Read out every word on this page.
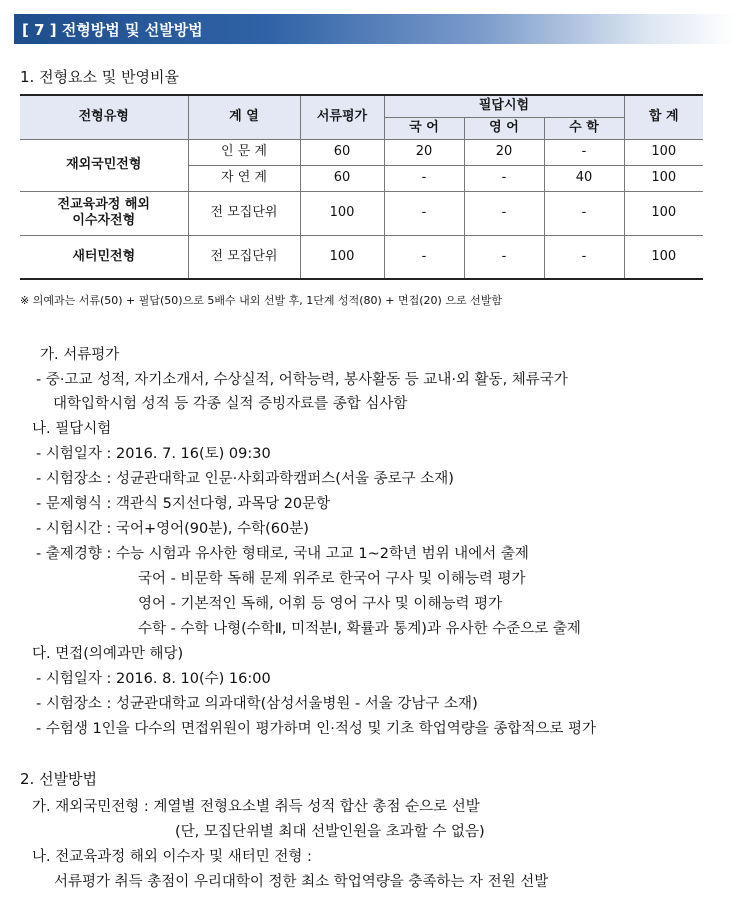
[ 7 ] 전형방법 및 선발방법
1. 전형요소 및 반영비율
전형유형	계 열	서류평가	필답시험			합 계
			국 어	영 어	수 학	
재외국민전형	인 문 계	60	20	20	-	100
	자 연 계	60	-	-	40	100

전교육과정 해외
이수자전형	전 모집단위	100	-	-	-	100
새터민전형	전 모집단위	100	-	-	-	100
※ 의예과는 서류(50) + 필답(50)으로 5배수 내외 선발 후, 1단계 성적(80) + 면접(20) 으로 선발함
가. 서류평가
- 중·고교 성적, 자기소개서, 수상실적, 어학능력, 봉사활동 등 교내·외 활동, 체류국가
대학입학시험 성적 등 각종 실적 증빙자료를 종합 심사함
나. 필답시험
- 시험일자 : 2016. 7. 16(토) 09:30
- 시험장소 : 성균관대학교 인문·사회과학캠퍼스(서울 종로구 소재)
- 문제형식 : 객관식 5지선다형, 과목당 20문항
- 시험시간 : 국어+영어(90분), 수학(60분)
- 출제경향 : 수능 시험과 유사한 형태로, 국내 고교 1~2학년 범위 내에서 출제
국어 - 비문학 독해 문제 위주로 한국어 구사 및 이해능력 평가
영어 - 기본적인 독해, 어휘 등 영어 구사 및 이해능력 평가
수학 - 수학 나형(수학Ⅱ, 미적분Ⅰ, 확률과 통계)과 유사한 수준으로 출제
다. 면접(의예과만 해당)
- 시험일자 : 2016. 8. 10(수) 16:00
- 시험장소 : 성균관대학교 의과대학(삼성서울병원 - 서울 강남구 소재)
- 수험생 1인을 다수의 면접위원이 평가하며 인·적성 및 기초 학업역량을 종합적으로 평가
2. 선발방법
가. 재외국민전형 : 계열별 전형요소별 취득 성적 합산 총점 순으로 선발
(단, 모집단위별 최대 선발인원을 초과할 수 없음)
나. 전교육과정 해외 이수자 및 새터민 전형 :
서류평가 취득 총점이 우리대학이 정한 최소 학업역량을 충족하는 자 전원 선발
